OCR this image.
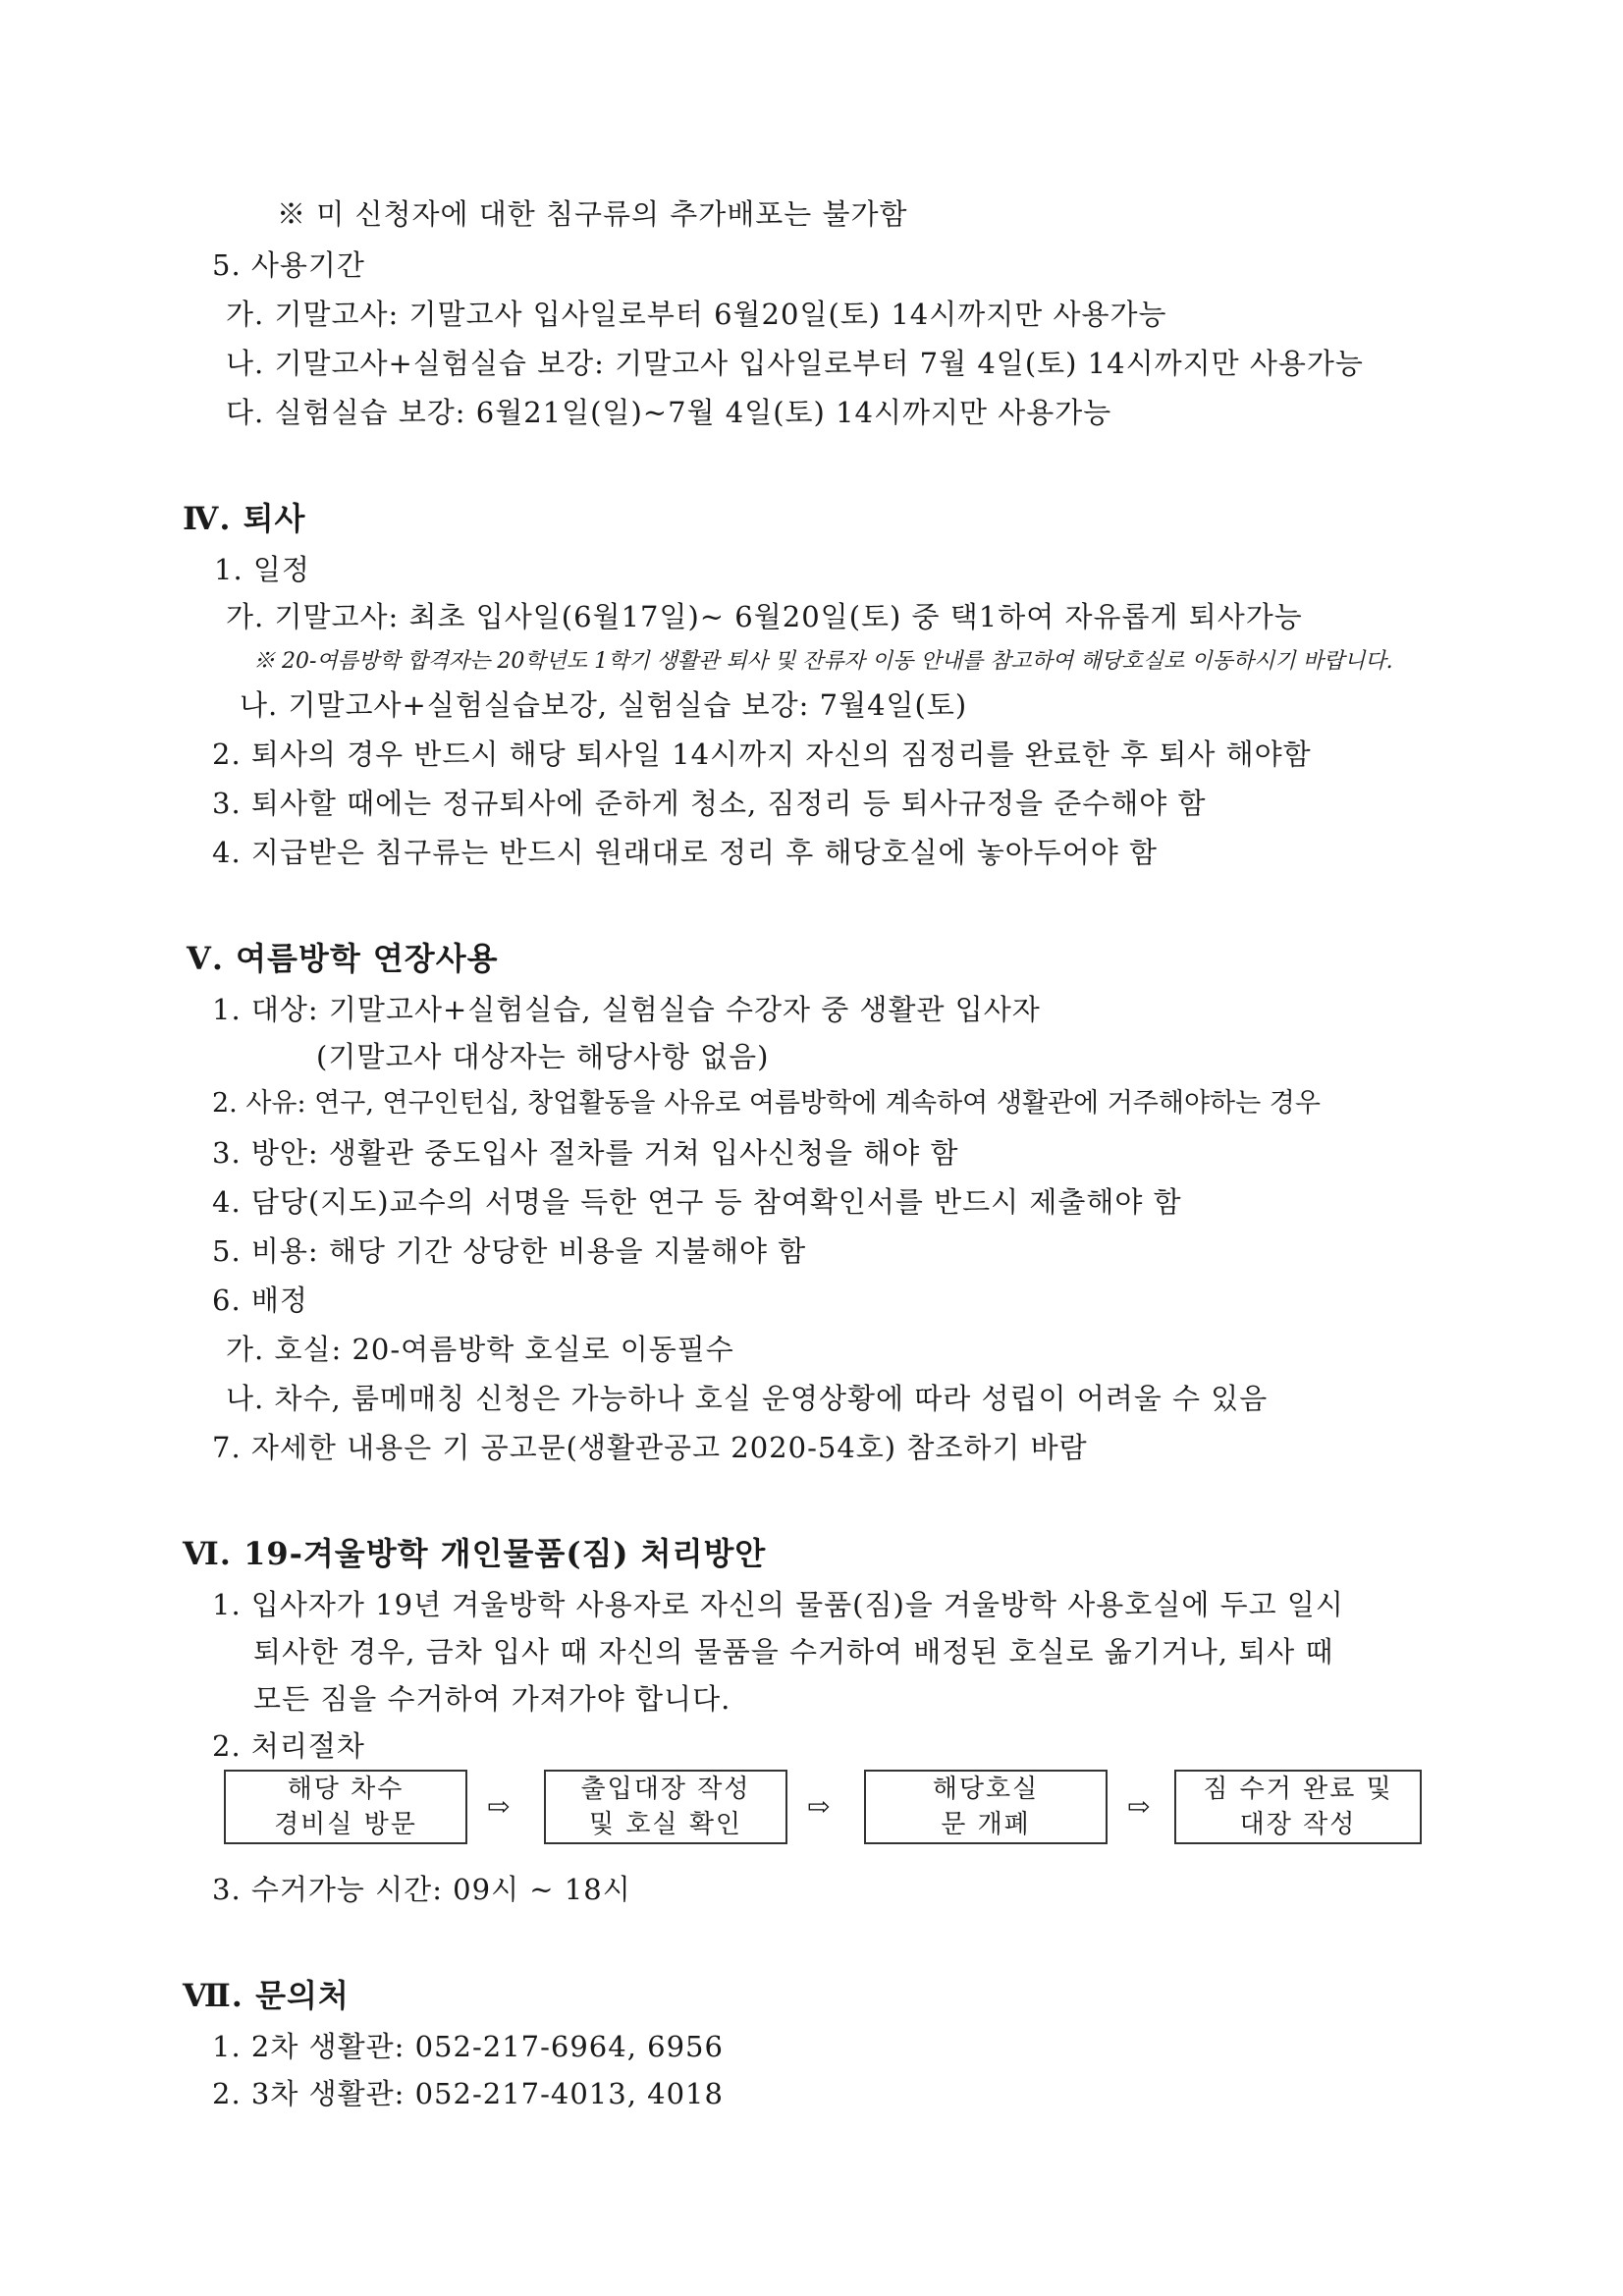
※ 미 신청자에 대한 침구류의 추가배포는 불가함
5. 사용기간
가. 기말고사: 기말고사 입사일로부터 6월20일(토) 14시까지만 사용가능
나. 기말고사+실험실습 보강: 기말고사 입사일로부터 7월 4일(토) 14시까지만 사용가능
다. 실험실습 보강: 6월21일(일)~7월 4일(토) 14시까지만 사용가능
Ⅳ. 퇴사
1. 일정
가. 기말고사: 최초 입사일(6월17일)~ 6월20일(토) 중 택1하여 자유롭게 퇴사가능
※ 20-여름방학 합격자는 20학년도 1학기 생활관 퇴사 및 잔류자 이동 안내를 참고하여 해당호실로 이동하시기 바랍니다.
나. 기말고사+실험실습보강, 실험실습 보강: 7월4일(토)
2. 퇴사의 경우 반드시 해당 퇴사일 14시까지 자신의 짐정리를 완료한 후 퇴사 해야함
3. 퇴사할 때에는 정규퇴사에 준하게 청소, 짐정리 등 퇴사규정을 준수해야 함
4. 지급받은 침구류는 반드시 원래대로 정리 후 해당호실에 놓아두어야 함
Ⅴ. 여름방학 연장사용
1. 대상: 기말고사+실험실습, 실험실습 수강자 중 생활관 입사자
(기말고사 대상자는 해당사항 없음)
2. 사유: 연구, 연구인턴십, 창업활동을 사유로 여름방학에 계속하여 생활관에 거주해야하는 경우
3. 방안: 생활관 중도입사 절차를 거쳐 입사신청을 해야 함
4. 담당(지도)교수의 서명을 득한 연구 등 참여확인서를 반드시 제출해야 함
5. 비용: 해당 기간 상당한 비용을 지불해야 함
6. 배정
가. 호실: 20-여름방학 호실로 이동필수
나. 차수, 룸메매칭 신청은 가능하나 호실 운영상황에 따라 성립이 어려울 수 있음
7. 자세한 내용은 기 공고문(생활관공고 2020-54호) 참조하기 바람
Ⅵ. 19-겨울방학 개인물품(짐) 처리방안
1. 입사자가 19년 겨울방학 사용자로 자신의 물품(짐)을 겨울방학 사용호실에 두고 일시
퇴사한 경우, 금차 입사 때 자신의 물품을 수거하여 배정된 호실로 옮기거나, 퇴사 때
모든 짐을 수거하여 가져가야 합니다.
2. 처리절차
해당 차수
경비실 방문
⇨
출입대장 작성
및 호실 확인
⇨
해당호실
문 개폐
⇨
짐 수거 완료 및
대장 작성
3. 수거가능 시간: 09시 ~ 18시
Ⅶ. 문의처
1. 2차 생활관: 052-217-6964, 6956
2. 3차 생활관: 052-217-4013, 4018
